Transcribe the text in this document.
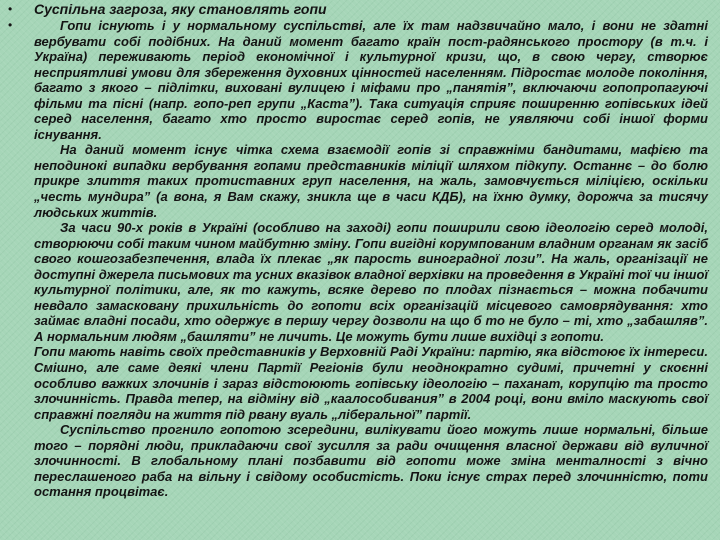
•	Суспільна загроза, яку становлять гопи
•	Гопи існують і у нормальному суспільстві, але їх там надзвичайно мало, і вони не здатні вербувати собі подібних. На даний момент багато країн пост-радянського простору (в т.ч. і Україна) переживають період економічної і культурної кризи, що, в свою чергу, створює несприятливі умови для збереження духовних цінностей населенням. Підростає молоде покоління, багато з якого – підлітки, виховані вулицею і міфами про „панятія”, включаючи гопопропагуючі фільми та пісні (напр. гопо-реп групи „Каста”). Така ситуація сприяє поширенню гопівських ідей серед населення, багато хто просто виростає серед гопів, не уявляючи собі іншої форми існування.

На даний момент існує чітка схема взаємодії гопів зі справжніми бандитами, мафією та неподинокі випадки вербування гопами представників міліції шляхом підкупу. Останнє – до болю прикре злиття таких протиставних груп населення, на жаль, замовчується міліцією, оскільки „честь мундира” (а вона, я Вам скажу, зникла ще в часи КДБ), на їхню думку, дорожча за тисячу людських життів.

За часи 90-х років в Україні (особливо на заході) гопи поширили свою ідеологію серед молоді, створюючи собі таким чином майбутню зміну. Гопи вигідні корумпованим владним органам як засіб свого кошгозабезпечення, влада їх плекає „як парость виноградної лози”. На жаль, організації не доступні джерела письмових та усних вказівок владної верхівки на проведення в Україні тої чи іншої культурної політики, але, як то кажуть, всяке дерево по плодах пізнається – можна побачити невдало замасковану прихильність до гопоти всіх організацій місцевого самоврядування: хто займає владні посади, хто одержує в першу чергу дозволи на що б то не було – ті, хто „забашляв”. А нормальним людям „башляти” не личить. Це можуть бути лише вихідці з гопоти.

Гопи мають навіть своїх представників у Верховній Раді України: партію, яка відстоює їх інтереси. Смішно, але саме деякі члени Партії Регіонів були неоднократно судимі, причетні у скоєнні особливо важких злочинів і зараз відстоюють гопівську ідеологію – паханат, корупцію та просто злочинність. Правда тепер, на відміну від „каалособивания” в 2004 році, вони вміло маскують свої справжні погляди на життя під рвану вуаль „ліберальної” партії.

Суспільство прогнило гопотою зсередини, вилікувати його можуть лише нормальні, більше того – порядні люди, прикладаючи свої зусилля за ради очищення власної держави від вуличної злочинності. В глобальному плані позбавити від гопоти може зміна менталності з вічно переслашеного раба на вільну і свідому особистість. Поки існує страх перед злочинністю, поти остання процвітає.
